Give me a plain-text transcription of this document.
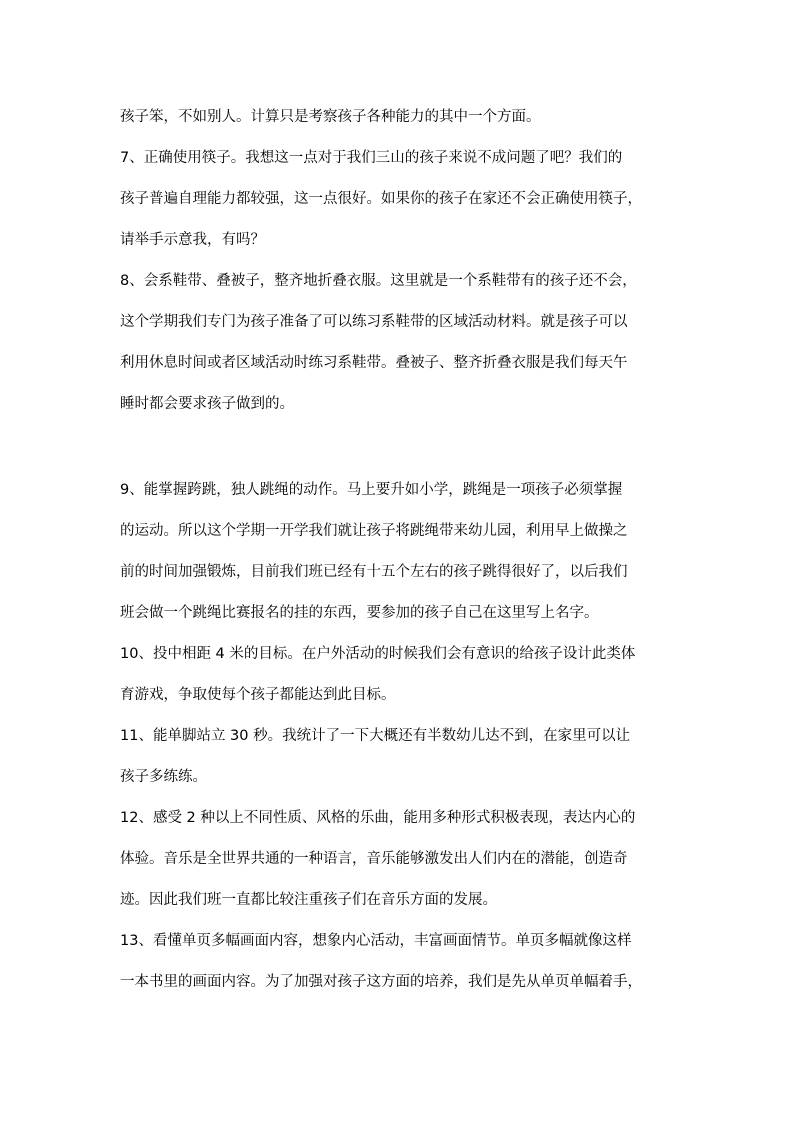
孩子笨，不如别人。计算只是考察孩子各种能力的其中一个方面。
7、正确使用筷子。我想这一点对于我们三山的孩子来说不成问题了吧？我们的
孩子普遍自理能力都较强，这一点很好。如果你的孩子在家还不会正确使用筷子，
请举手示意我，有吗？
8、会系鞋带、叠被子，整齐地折叠衣服。这里就是一个系鞋带有的孩子还不会，
这个学期我们专门为孩子准备了可以练习系鞋带的区域活动材料。就是孩子可以
利用休息时间或者区域活动时练习系鞋带。叠被子、整齐折叠衣服是我们每天午
睡时都会要求孩子做到的。
9、能掌握跨跳，独人跳绳的动作。马上要升如小学，跳绳是一项孩子必须掌握
的运动。所以这个学期一开学我们就让孩子将跳绳带来幼儿园，利用早上做操之
前的时间加强锻炼，目前我们班已经有十五个左右的孩子跳得很好了，以后我们
班会做一个跳绳比赛报名的挂的东西，要参加的孩子自己在这里写上名字。
10、投中相距 4 米的目标。在户外活动的时候我们会有意识的给孩子设计此类体
育游戏，争取使每个孩子都能达到此目标。
11、能单脚站立 30 秒。我统计了一下大概还有半数幼儿达不到，在家里可以让
孩子多练练。
12、感受 2 种以上不同性质、风格的乐曲，能用多种形式积极表现，表达内心的
体验。音乐是全世界共通的一种语言，音乐能够激发出人们内在的潜能，创造奇
迹。因此我们班一直都比较注重孩子们在音乐方面的发展。
13、看懂单页多幅画面内容，想象内心活动，丰富画面情节。单页多幅就像这样
一本书里的画面内容。为了加强对孩子这方面的培养，我们是先从单页单幅着手，
